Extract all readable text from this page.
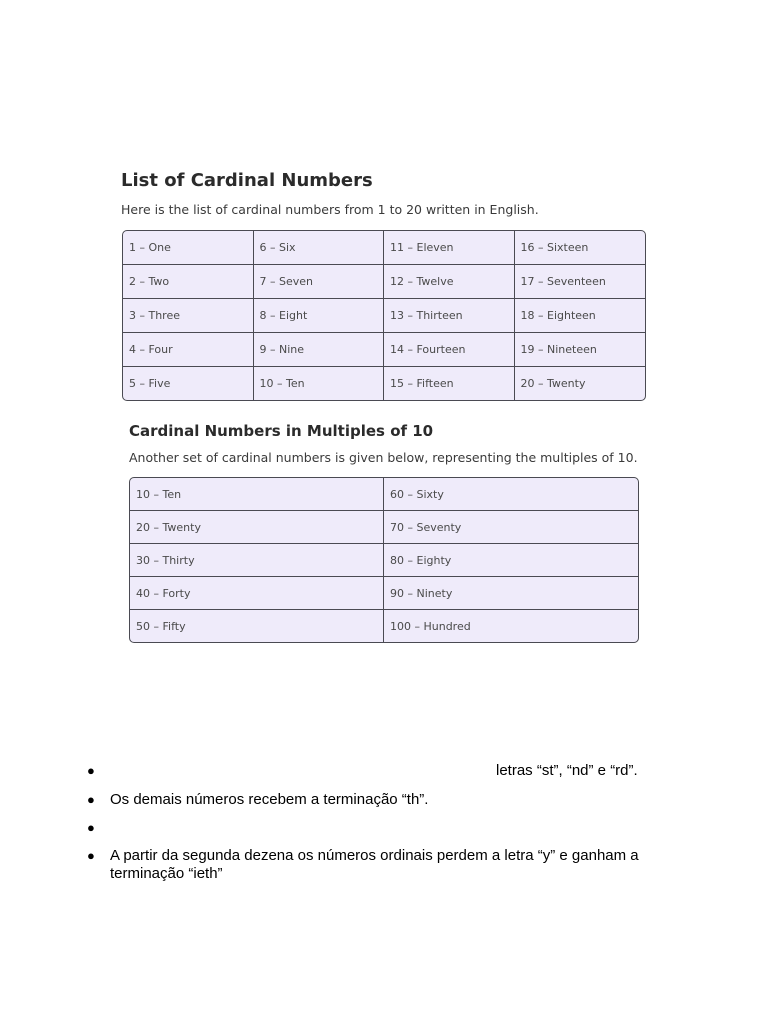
List of Cardinal Numbers

Here is the list of cardinal numbers from 1 to 20 written in English.

1 – One	6 – Six	11 – Eleven	16 – Sixteen
2 – Two	7 – Seven	12 – Twelve	17 – Seventeen
3 – Three	8 – Eight	13 – Thirteen	18 – Eighteen
4 – Four	9 – Nine	14 – Fourteen	19 – Nineteen
5 – Five	10 – Ten	15 – Fifteen	20 – Twenty
Cardinal Numbers in Multiples of 10

Another set of cardinal numbers is given below, representing the multiples of 10.

10 – Ten	60 – Sixty
20 – Twenty	70 – Seventy
30 – Thirty	80 – Eighty
40 – Forty	90 – Ninety
50 – Fifty	100 – Hundred
●	letras “st”, “nd” e “rd”.
● Os demais números recebem a terminação “th”.
●
● A partir da segunda dezena os números ordinais perdem a letra “y” e ganham a terminação “ieth”
